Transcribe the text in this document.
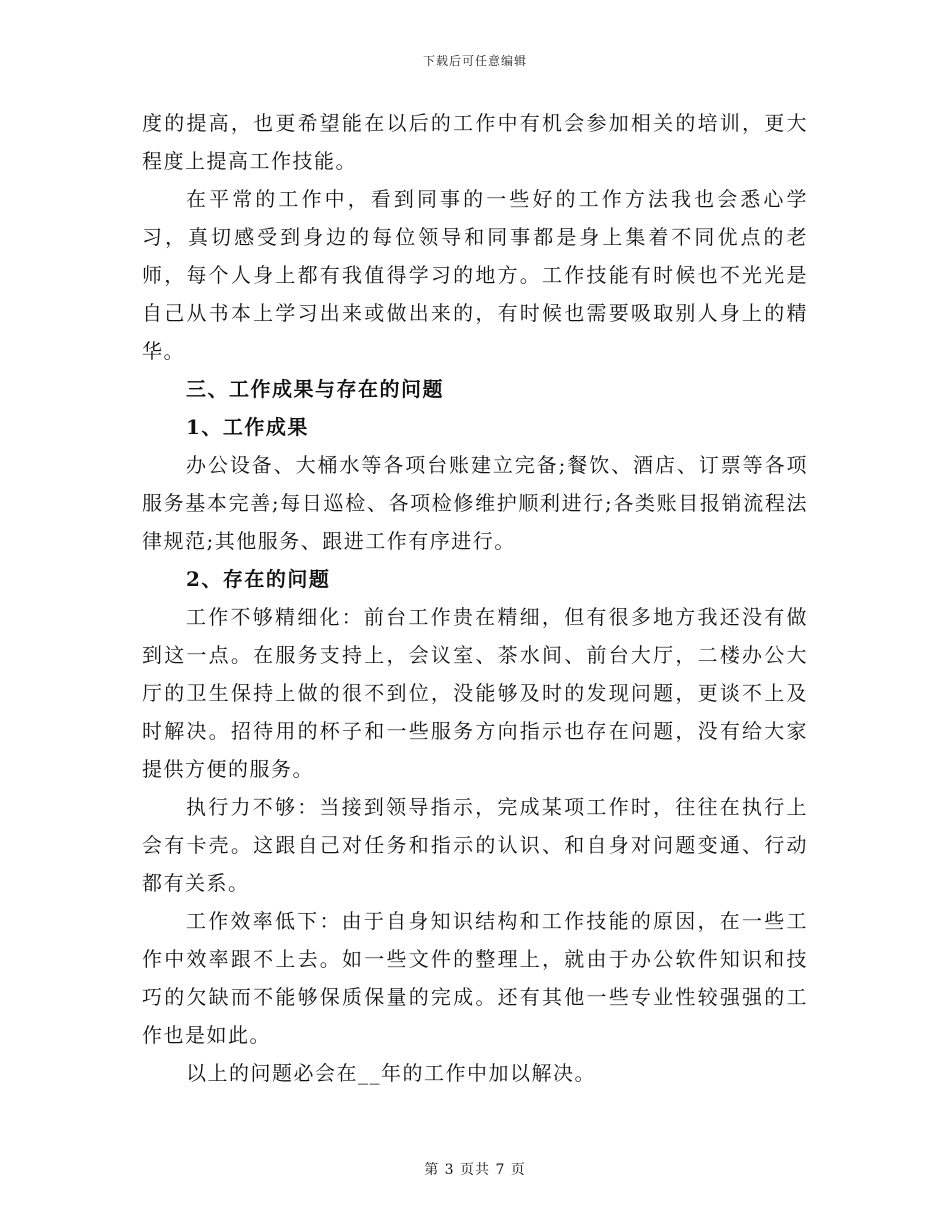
下载后可任意编辑

度的提高，也更希望能在以后的工作中有机会参加相关的培训，更大程度上提高工作技能。

在平常的工作中，看到同事的一些好的工作方法我也会悉心学习，真切感受到身边的每位领导和同事都是身上集着不同优点的老师，每个人身上都有我值得学习的地方。工作技能有时候也不光光是自己从书本上学习出来或做出来的，有时候也需要吸取别人身上的精华。

三、工作成果与存在的问题

1、工作成果

办公设备、大桶水等各项台账建立完备;餐饮、酒店、订票等各项服务基本完善;每日巡检、各项检修维护顺利进行;各类账目报销流程法律规范;其他服务、跟进工作有序进行。

2、存在的问题

工作不够精细化：前台工作贵在精细，但有很多地方我还没有做到这一点。在服务支持上，会议室、茶水间、前台大厅，二楼办公大厅的卫生保持上做的很不到位，没能够及时的发现问题，更谈不上及时解决。招待用的杯子和一些服务方向指示也存在问题，没有给大家提供方便的服务。

执行力不够：当接到领导指示，完成某项工作时，往往在执行上会有卡壳。这跟自己对任务和指示的认识、和自身对问题变通、行动都有关系。

工作效率低下：由于自身知识结构和工作技能的原因，在一些工作中效率跟不上去。如一些文件的整理上，就由于办公软件知识和技巧的欠缺而不能够保质保量的完成。还有其他一些专业性较强强的工作也是如此。

以上的问题必会在__年的工作中加以解决。

第 3 页共 7 页
